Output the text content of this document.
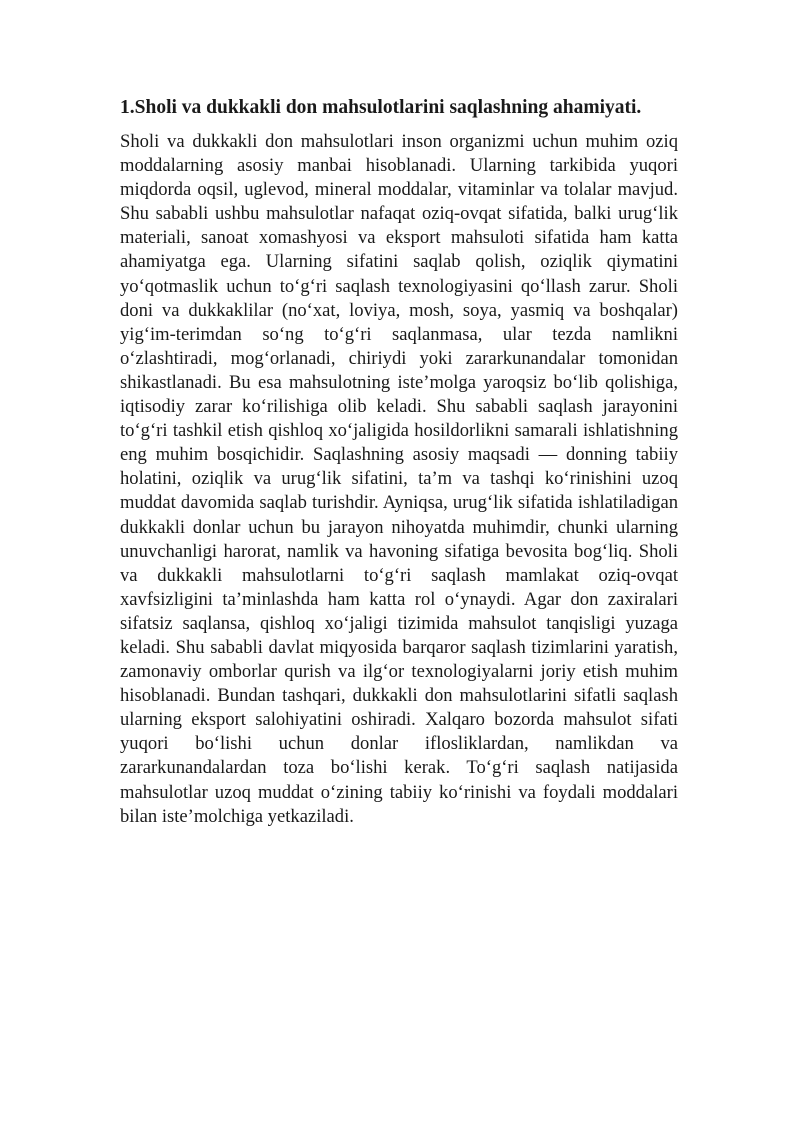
1.Sholi va dukkakli don mahsulotlarini saqlashning ahamiyati.

Sholi va dukkakli don mahsulotlari inson organizmi uchun muhim oziq moddalarning asosiy manbai hisoblanadi. Ularning tarkibida yuqori miqdorda oqsil, uglevod, mineral moddalar, vitaminlar va tolalar mavjud. Shu sababli ushbu mahsulotlar nafaqat oziq-ovqat sifatida, balki urug‘lik materiali, sanoat xomashyosi va eksport mahsuloti sifatida ham katta ahamiyatga ega. Ularning sifatini saqlab qolish, oziqlik qiymatini yo‘qotmaslik uchun to‘g‘ri saqlash texnologiyasini qo‘llash zarur. Sholi doni va dukkaklilar (no‘xat, loviya, mosh, soya, yasmiq va boshqalar) yig‘im-terimdan so‘ng to‘g‘ri saqlanmasa, ular tezda namlikni o‘zlashtiradi, mog‘orlanadi, chiriydi yoki zararkunandalar tomonidan shikastlanadi. Bu esa mahsulotning iste’molga yaroqsiz bo‘lib qolishiga, iqtisodiy zarar ko‘rilishiga olib keladi. Shu sababli saqlash jarayonini to‘g‘ri tashkil etish qishloq xo‘jaligida hosildorlikni samarali ishlatishning eng muhim bosqichidir. Saqlashning asosiy maqsadi — donning tabiiy holatini, oziqlik va urug‘lik sifatini, ta’m va tashqi ko‘rinishini uzoq muddat davomida saqlab turishdir. Ayniqsa, urug‘lik sifatida ishlatiladigan dukkakli donlar uchun bu jarayon nihoyatda muhimdir, chunki ularning unuvchanligi harorat, namlik va havoning sifatiga bevosita bog‘liq. Sholi va dukkakli mahsulotlarni to‘g‘ri saqlash mamlakat oziq-ovqat xavfsizligini ta’minlashda ham katta rol o‘ynaydi. Agar don zaxiralari sifatsiz saqlansa, qishloq xo‘jaligi tizimida mahsulot tanqisligi yuzaga keladi. Shu sababli davlat miqyosida barqaror saqlash tizimlarini yaratish, zamonaviy omborlar qurish va ilg‘or texnologiyalarni joriy etish muhim hisoblanadi. Bundan tashqari, dukkakli don mahsulotlarini sifatli saqlash ularning eksport salohiyatini oshiradi. Xalqaro bozorda mahsulot sifati yuqori bo‘lishi uchun donlar iflosliklardan, namlikdan va zararkunandalardan toza bo‘lishi kerak. To‘g‘ri saqlash natijasida mahsulotlar uzoq muddat o‘zining tabiiy ko‘rinishi va foydali moddalari bilan iste’molchiga yetkaziladi.
